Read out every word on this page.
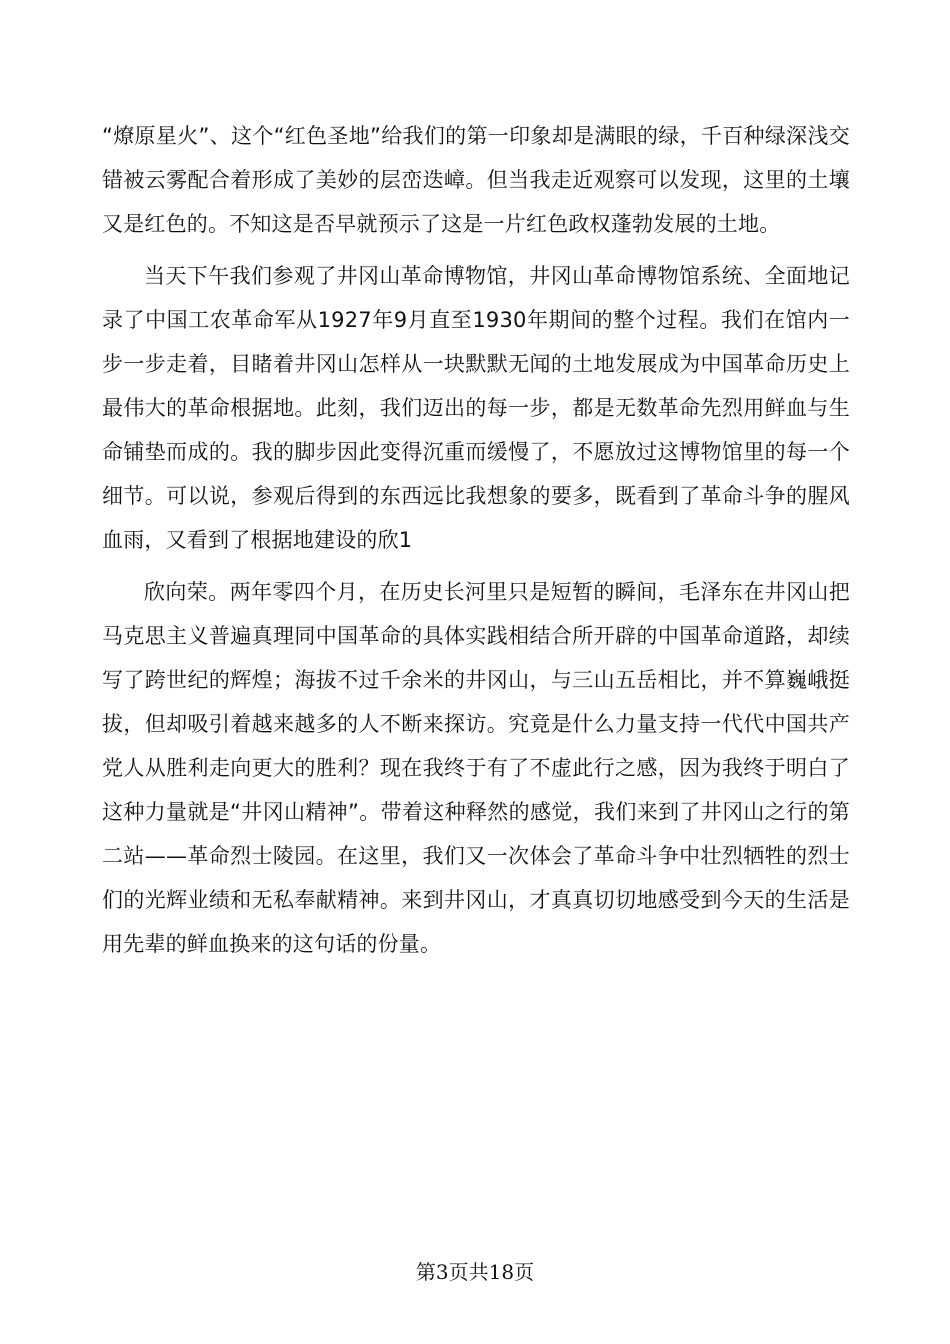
“燎原星火”、这个“红色圣地”给我们的第一印象却是满眼的绿，千百种绿深浅交错被云雾配合着形成了美妙的层峦迭嶂。但当我走近观察可以发现，这里的土壤又是红色的。不知这是否早就预示了这是一片红色政权蓬勃发展的土地。

当天下午我们参观了井冈山革命博物馆，井冈山革命博物馆系统、全面地记录了中国工农革命军从1927年9月直至1930年期间的整个过程。我们在馆内一步一步走着，目睹着井冈山怎样从一块默默无闻的土地发展成为中国革命历史上最伟大的革命根据地。此刻，我们迈出的每一步，都是无数革命先烈用鲜血与生命铺垫而成的。我的脚步因此变得沉重而缓慢了，不愿放过这博物馆里的每一个细节。可以说，参观后得到的东西远比我想象的要多，既看到了革命斗争的腥风血雨，又看到了根据地建设的欣1

欣向荣。两年零四个月，在历史长河里只是短暂的瞬间，毛泽东在井冈山把马克思主义普遍真理同中国革命的具体实践相结合所开辟的中国革命道路，却续写了跨世纪的辉煌；海拔不过千余米的井冈山，与三山五岳相比，并不算巍峨挺拔，但却吸引着越来越多的人不断来探访。究竟是什么力量支持一代代中国共产党人从胜利走向更大的胜利？现在我终于有了不虚此行之感，因为我终于明白了这种力量就是“井冈山精神”。带着这种释然的感觉，我们来到了井冈山之行的第二站——革命烈士陵园。在这里，我们又一次体会了革命斗争中壮烈牺牲的烈士们的光辉业绩和无私奉献精神。来到井冈山，才真真切切地感受到今天的生活是用先辈的鲜血换来的这句话的份量。

第3页共18页
